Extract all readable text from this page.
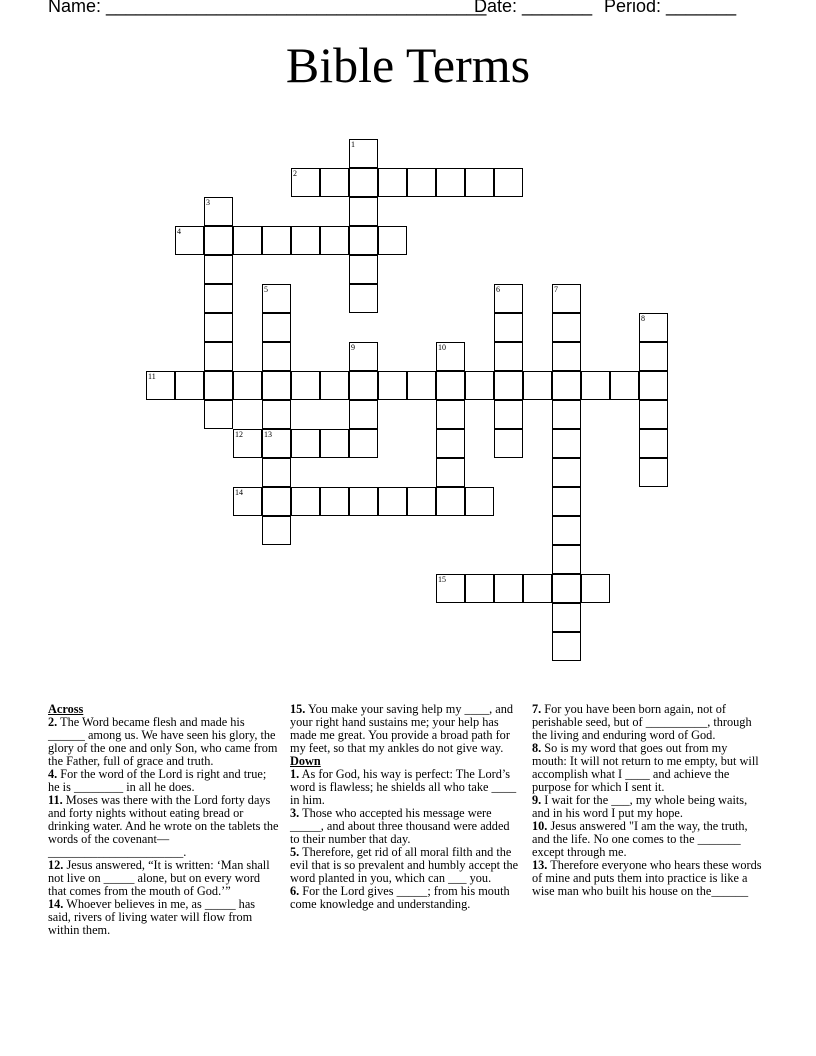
Name: ______________________________________
Date: _______ Period: _______
Bible Terms
1
2
3
4
5	6	7
8
9	10
11
12	13
14
15
Across

2. The Word became flesh and made his ______ among us. We have seen his glory, the glory of the one and only Son, who came from the Father, full of grace and truth.

4. For the word of the Lord is right and true; he is ________ in all he does.

11. Moses was there with the Lord forty days and forty nights without eating bread or drinking water. And he wrote on the tablets the words of the covenant—______________________.

12. Jesus answered, “It is written: ‘Man shall not live on _____ alone, but on every word that comes from the mouth of God.’”

14. Whoever believes in me, as _____ has said, rivers of living water will flow from within them.

15. You make your saving help my ____, and your right hand sustains me; your help has made me great. You provide a broad path for my feet, so that my ankles do not give way.

Down

1. As for God, his way is perfect: The Lord’s word is flawless; he shields all who take ____ in him.

3. Those who accepted his message were _____, and about three thousand were added to their number that day.

5. Therefore, get rid of all moral filth and the evil that is so prevalent and humbly accept the word planted in you, which can ___ you.

6. For the Lord gives _____; from his mouth come knowledge and understanding.

7. For you have been born again, not of perishable seed, but of __________, through the living and enduring word of God.

8. So is my word that goes out from my mouth: It will not return to me empty, but will accomplish what I ____ and achieve the purpose for which I sent it.

9. I wait for the ___, my whole being waits, and in his word I put my hope.

10. Jesus answered "I am the way, the truth, and the life. No one comes to the _______ except through me.

13. Therefore everyone who hears these words of mine and puts them into practice is like a wise man who built his house on the______
